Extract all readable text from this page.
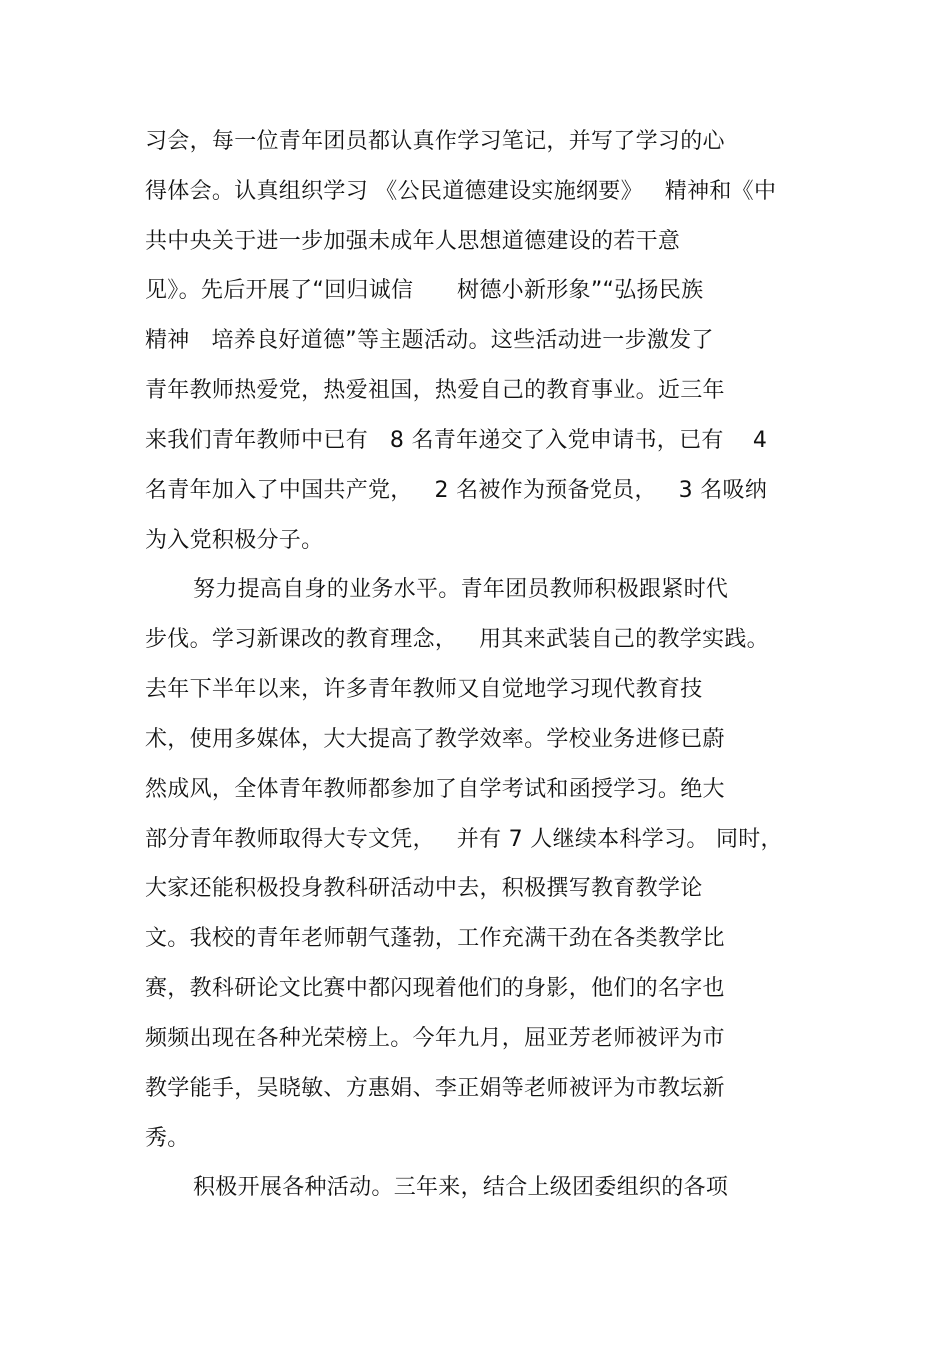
习会，每一位青年团员都认真作学习笔记，并写了学习的心
得体会。认真组织学习 《公民道德建设实施纲要》   精神和《中
共中央关于进一步加强未成年人思想道德建设的若干意
见》。先后开展了“回归诚信      树德小新形象”“弘扬民族
精神   培养良好道德”等主题活动。这些活动进一步激发了
青年教师热爱党，热爱祖国，热爱自己的教育事业。近三年
来我们青年教师中已有   8 名青年递交了入党申请书，已有    4
名青年加入了中国共产党，   2 名被作为预备党员，   3 名吸纳
为入党积极分子。
努力提高自身的业务水平。青年团员教师积极跟紧时代
步伐。学习新课改的教育理念，   用其来武装自己的教学实践。
去年下半年以来，许多青年教师又自觉地学习现代教育技
术，使用多媒体，大大提高了教学效率。学校业务进修已蔚
然成风，全体青年教师都参加了自学考试和函授学习。绝大
部分青年教师取得大专文凭，   并有 7 人继续本科学习。 同时，
大家还能积极投身教科研活动中去，积极撰写教育教学论
文。我校的青年老师朝气蓬勃，工作充满干劲在各类教学比
赛，教科研论文比赛中都闪现着他们的身影，他们的名字也
频频出现在各种光荣榜上。今年九月，屈亚芳老师被评为市
教学能手，吴晓敏、方惠娟、李正娟等老师被评为市教坛新
秀。
积极开展各种活动。三年来，结合上级团委组织的各项
